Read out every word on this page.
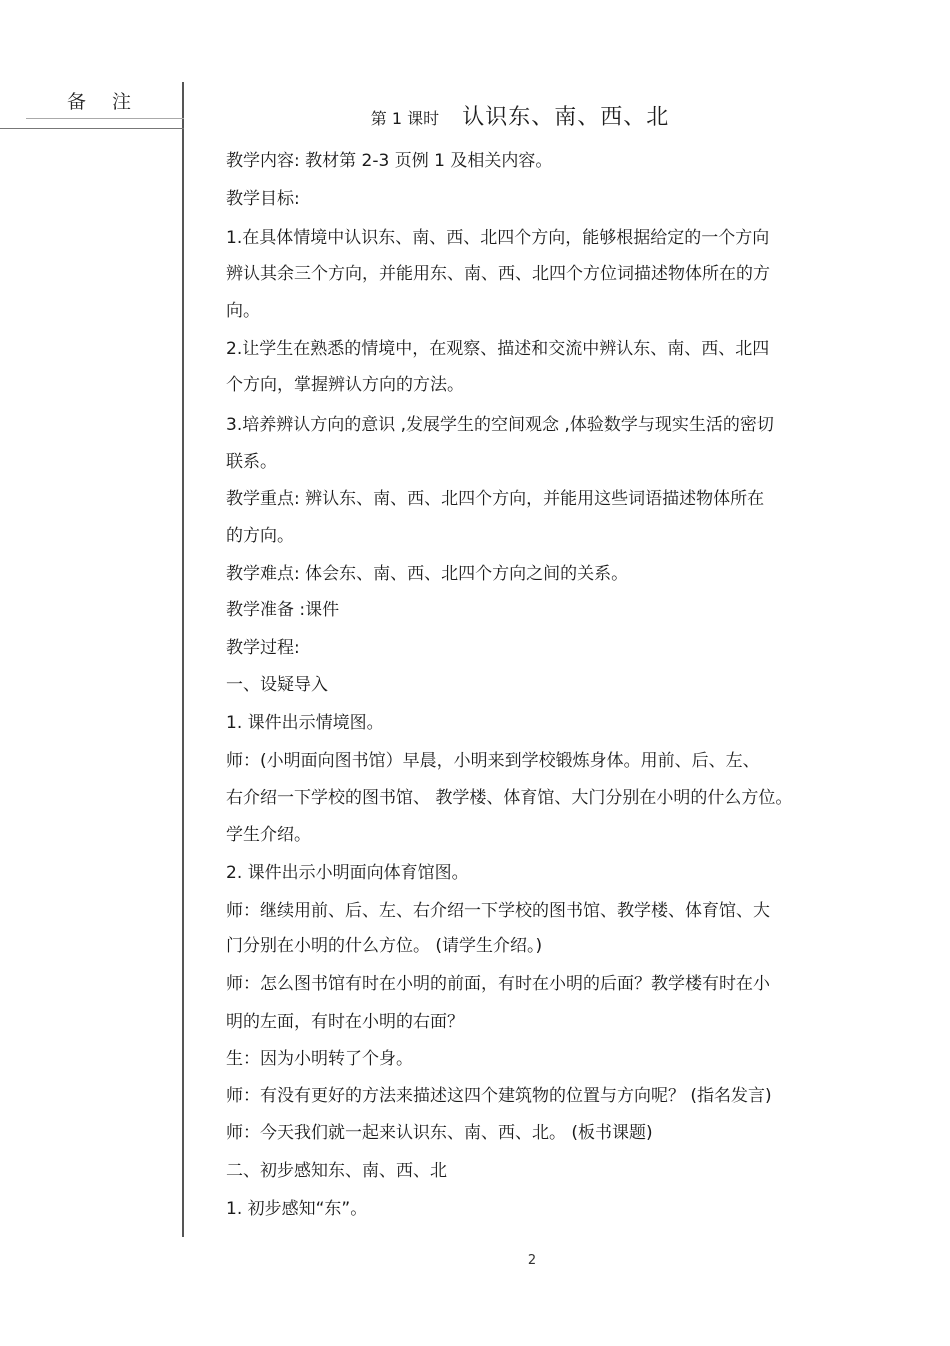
备 注
第 1 课时 认识东、南、西、北
教学内容: 教材第 2-3 页例 1 及相关内容。
教学目标:
1.在具体情境中认识东、南、西、北四个方向，能够根据给定的一个方向
辨认其余三个方向，并能用东、南、西、北四个方位词描述物体所在的方
向。
2.让学生在熟悉的情境中，在观察、描述和交流中辨认东、南、西、北四
个方向，掌握辨认方向的方法。
3.培养辨认方向的意识 ,发展学生的空间观念 ,体验数学与现实生活的密切
联系。
教学重点: 辨认东、南、西、北四个方向，并能用这些词语描述物体所在
的方向。
教学难点: 体会东、南、西、北四个方向之间的关系。
教学准备 :课件
教学过程:
一、设疑导入
1. 课件出示情境图。
师：(小明面向图书馆）早晨，小明来到学校锻炼身体。用前、后、左、
右介绍一下学校的图书馆、 教学楼、体育馆、大门分别在小明的什么方位。
学生介绍。
2. 课件出示小明面向体育馆图。
师：继续用前、后、左、右介绍一下学校的图书馆、教学楼、体育馆、大
门分别在小明的什么方位。 (请学生介绍。)
师：怎么图书馆有时在小明的前面，有时在小明的后面？教学楼有时在小
明的左面，有时在小明的右面？
生：因为小明转了个身。
师：有没有更好的方法来描述这四个建筑物的位置与方向呢？ (指名发言)
师：今天我们就一起来认识东、南、西、北。 (板书课题)
二、初步感知东、南、西、北
1. 初步感知“东”。
2
